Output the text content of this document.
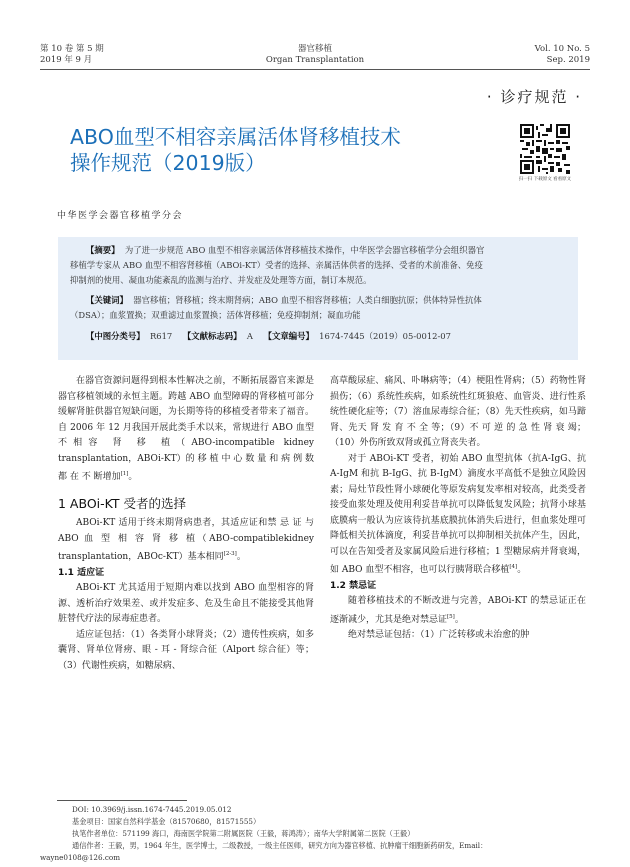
第 10 卷 第 5 期
2019 年 9 月
器官移植
Organ Transplantation
Vol. 10 No. 5
Sep. 2019
· 诊疗规范 ·
ABO血型不相容亲属活体肾移植技术
操作规范（2019版）
扫一扫 下载原文 看看原文
中华医学会器官移植学分会
【摘要】 为了进一步规范 ABO 血型不相容亲属活体肾移植技术操作，中华医学会器官移植学分会组织器官
移植学专家从 ABO 血型不相容肾移植（ABOi-KT）受者的选择、亲属活体供者的选择、受者的术前准备、免疫
抑制剂的使用、凝血功能紊乱的监测与治疗、并发症及处理等方面，制订本规范。
【关键词】 器官移植；肾移植；终末期肾病；ABO 血型不相容肾移植；人类白细胞抗原；供体特异性抗体
（DSA）；血浆置换；双重滤过血浆置换；活体肾移植；免疫抑制剂；凝血功能
【中图分类号】 R617 【文献标志码】 A 【文章编号】 1674-7445（2019）05-0012-07

在器官资源问题得到根本性解决之前，不断拓展器官来源是器官移植领域的永恒主题。跨越 ABO 血型障碍的肾移植可部分缓解肾脏供器官短缺问题，为长期等待的移植受者带来了福音。自 2006 年 12 月我国开展此类手术以来，常规进行 ABO 血型不相容 肾 移 植（ABO-incompatible kidney transplantation，ABOi-KT）的 移 植 中 心 数 量 和 病 例 数 都 在 不 断增加[1]。

1 ABOi-KT 受者的选择

ABOi-KT 适用于终末期肾病患者，其适应证和禁 忌 证 与 ABO 血 型 相 容 肾 移 植（ABO-compatiblekidney transplantation，ABOc-KT）基本相同[2-3]。

1.1 适应证

ABOi-KT 尤其适用于短期内难以找到 ABO 血型相容的肾源、透析治疗效果差、或并发症多、危及生命且不能接受其他肾脏替代疗法的尿毒症患者。

适应证包括：（1）各类肾小球肾炎；（2）遗传性疾病，如多囊肾、肾单位肾痨、眼 - 耳 - 肾综合征（Alport 综合征）等；（3）代谢性疾病，如糖尿病、

高草酸尿症、痛风、卟啉病等；（4）梗阻性肾病；（5）药物性肾损伤；（6）系统性疾病，如系统性红斑狼疮、血管炎、进行性系统性硬化症等；（7）溶血尿毒综合征；（8）先天性疾病，如马蹄肾、先天 肾 发 育 不 全 等；（9）不 可 逆 的 急 性 肾 衰 竭；（10）外伤所致双肾或孤立肾丧失者。

对于 ABOi-KT 受者，初始 ABO 血型抗体（抗A-IgG、抗 A-IgM 和抗 B-IgG、抗 B-IgM）滴度水平高低不是独立风险因素；局灶节段性肾小球硬化等原发病复发率相对较高，此类受者接受血浆处理及使用利妥昔单抗可以降低复发风险；抗肾小球基底膜病一般认为应该待抗基底膜抗体消失后进行，但血浆处理可降低相关抗体滴度，利妥昔单抗可以抑制相关抗体产生，因此，可以在告知受者及家属风险后进行移植；1 型糖尿病并肾衰竭，如 ABO 血型不相容，也可以行胰肾联合移植[4]。

1.2 禁忌证

随着移植技术的不断改进与完善，ABOi-KT 的禁忌证正在逐渐减少，尤其是绝对禁忌证[5]。

绝对禁忌证包括：（1）广泛转移或未治愈的肿

DOI: 10.3969/j.issn.1674-7445.2019.05.012
基金项目：国家自然科学基金（81570680，81571555）
执笔作者单位：571199 海口，海南医学院第二附属医院（王毅，蒋鸿涛）；南华大学附属第二医院（王毅）
通信作者：王毅，男，1964 年生，医学博士，二级教授，一级主任医师，研究方向为器官移植、抗肿瘤干细胞新药研发，Email：
wayne0108@126.com
